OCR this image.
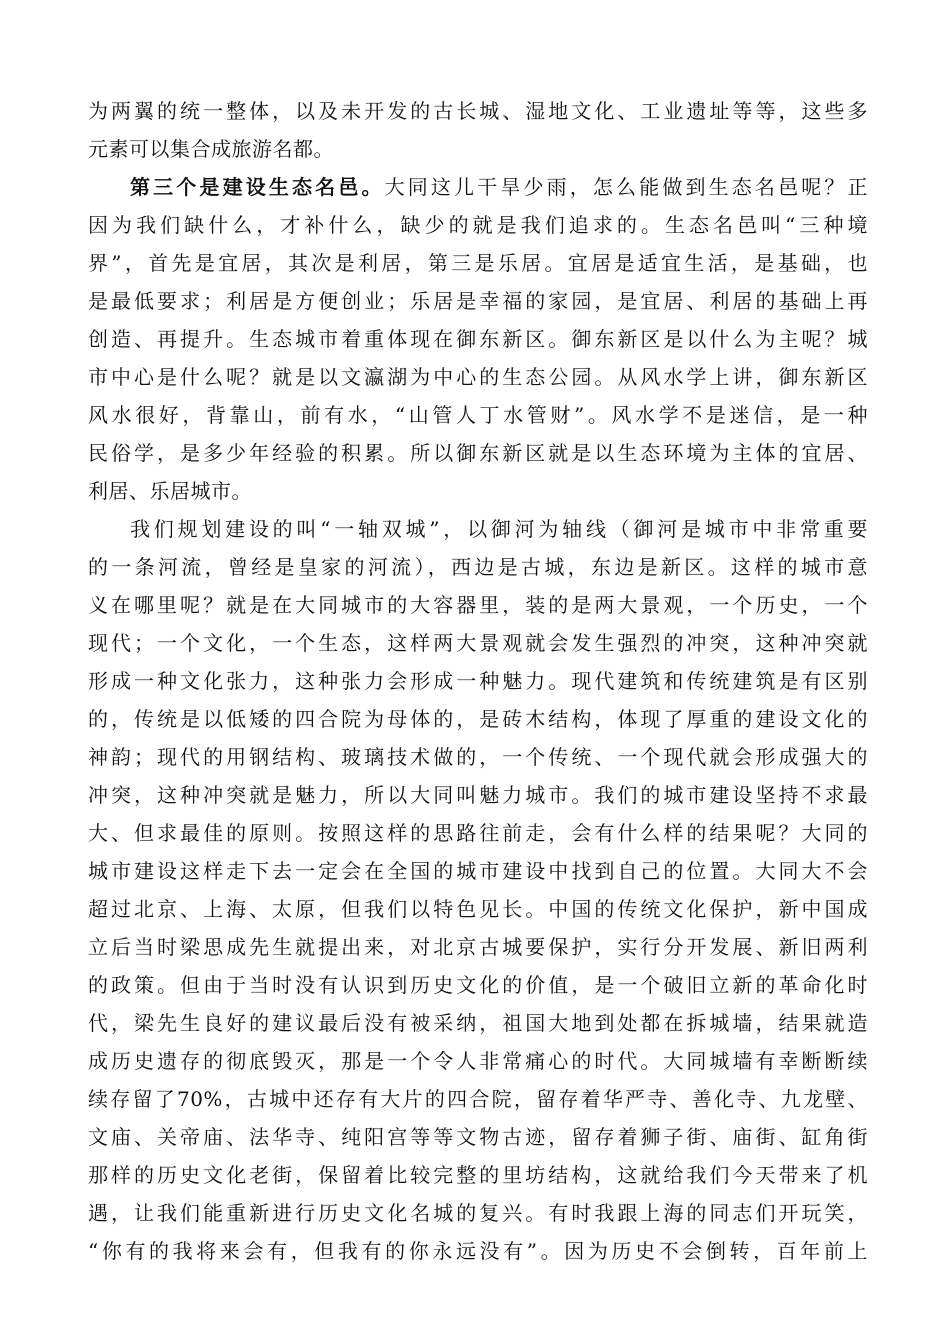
为两翼的统一整体，以及未开发的古长城、湿地文化、工业遗址等等，这些多
元素可以集合成旅游名都。
第三个是建设生态名邑。大同这儿干旱少雨，怎么能做到生态名邑呢？正
因为我们缺什么，才补什么，缺少的就是我们追求的。生态名邑叫“三种境
界”，首先是宜居，其次是利居，第三是乐居。宜居是适宜生活，是基础，也
是最低要求；利居是方便创业；乐居是幸福的家园，是宜居、利居的基础上再
创造、再提升。生态城市着重体现在御东新区。御东新区是以什么为主呢？城
市中心是什么呢？就是以文瀛湖为中心的生态公园。从风水学上讲，御东新区
风水很好，背靠山，前有水，“山管人丁水管财”。风水学不是迷信，是一种
民俗学，是多少年经验的积累。所以御东新区就是以生态环境为主体的宜居、
利居、乐居城市。
我们规划建设的叫“一轴双城”，以御河为轴线（御河是城市中非常重要
的一条河流，曾经是皇家的河流），西边是古城，东边是新区。这样的城市意
义在哪里呢？就是在大同城市的大容器里，装的是两大景观，一个历史，一个
现代；一个文化，一个生态，这样两大景观就会发生强烈的冲突，这种冲突就
形成一种文化张力，这种张力会形成一种魅力。现代建筑和传统建筑是有区别
的，传统是以低矮的四合院为母体的，是砖木结构，体现了厚重的建设文化的
神韵；现代的用钢结构、玻璃技术做的，一个传统、一个现代就会形成强大的
冲突，这种冲突就是魅力，所以大同叫魅力城市。我们的城市建设坚持不求最
大、但求最佳的原则。按照这样的思路往前走，会有什么样的结果呢？大同的
城市建设这样走下去一定会在全国的城市建设中找到自己的位置。大同大不会
超过北京、上海、太原，但我们以特色见长。中国的传统文化保护，新中国成
立后当时梁思成先生就提出来，对北京古城要保护，实行分开发展、新旧两利
的政策。但由于当时没有认识到历史文化的价值，是一个破旧立新的革命化时
代，梁先生良好的建议最后没有被采纳，祖国大地到处都在拆城墙，结果就造
成历史遗存的彻底毁灭，那是一个令人非常痛心的时代。大同城墙有幸断断续
续存留了70%，古城中还存有大片的四合院，留存着华严寺、善化寺、九龙壁、
文庙、关帝庙、法华寺、纯阳宫等等文物古迹，留存着狮子街、庙街、缸角街
那样的历史文化老街，保留着比较完整的里坊结构，这就给我们今天带来了机
遇，让我们能重新进行历史文化名城的复兴。有时我跟上海的同志们开玩笑，
“你有的我将来会有，但我有的你永远没有”。因为历史不会倒转，百年前上
